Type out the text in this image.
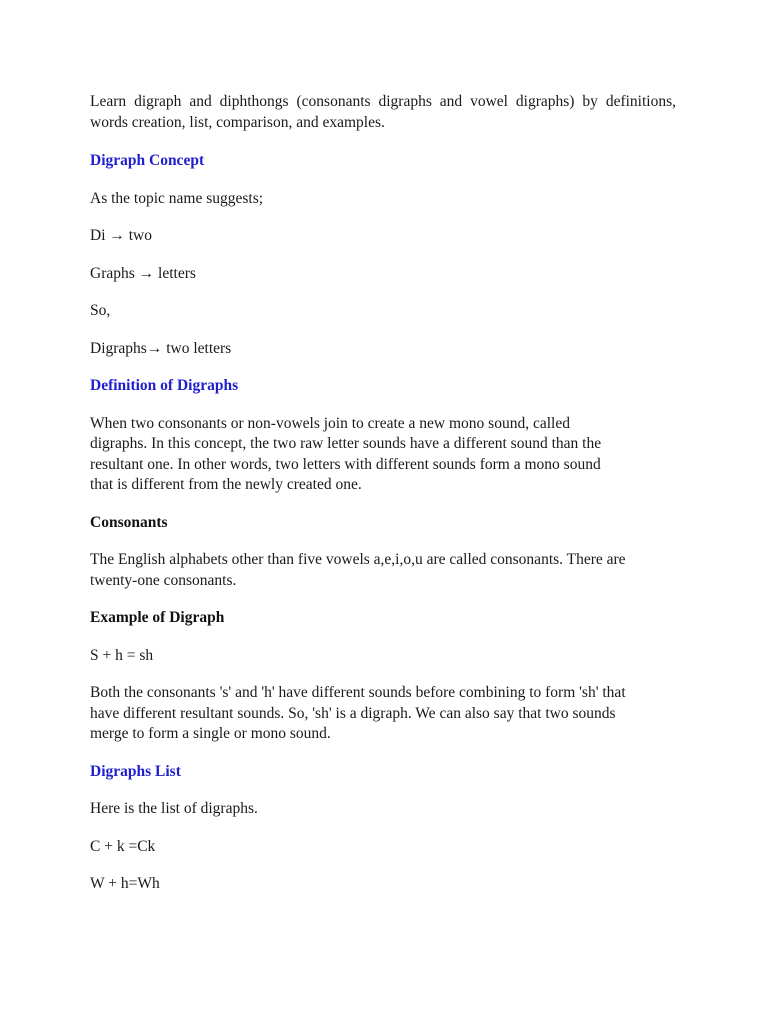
Learn digraph and diphthongs (consonants digraphs and vowel digraphs) by definitions, words creation, list, comparison, and examples.

Digraph Concept

As the topic name suggests;

Di → two

Graphs → letters

So,

Digraphs→ two letters

Definition of Digraphs

When two consonants or non-vowels join to create a new mono sound, called

digraphs. In this concept, the two raw letter sounds have a different sound than the

resultant one. In other words, two letters with different sounds form a mono sound

that is different from the newly created one.

Consonants

The English alphabets other than five vowels a,e,i,o,u are called consonants. There are

twenty-one consonants.

Example of Digraph

S + h = sh

Both the consonants 's' and 'h' have different sounds before combining to form 'sh' that

have different resultant sounds. So, 'sh' is a digraph. We can also say that two sounds

merge to form a single or mono sound.

Digraphs List

Here is the list of digraphs.

C + k =Ck

W + h=Wh
